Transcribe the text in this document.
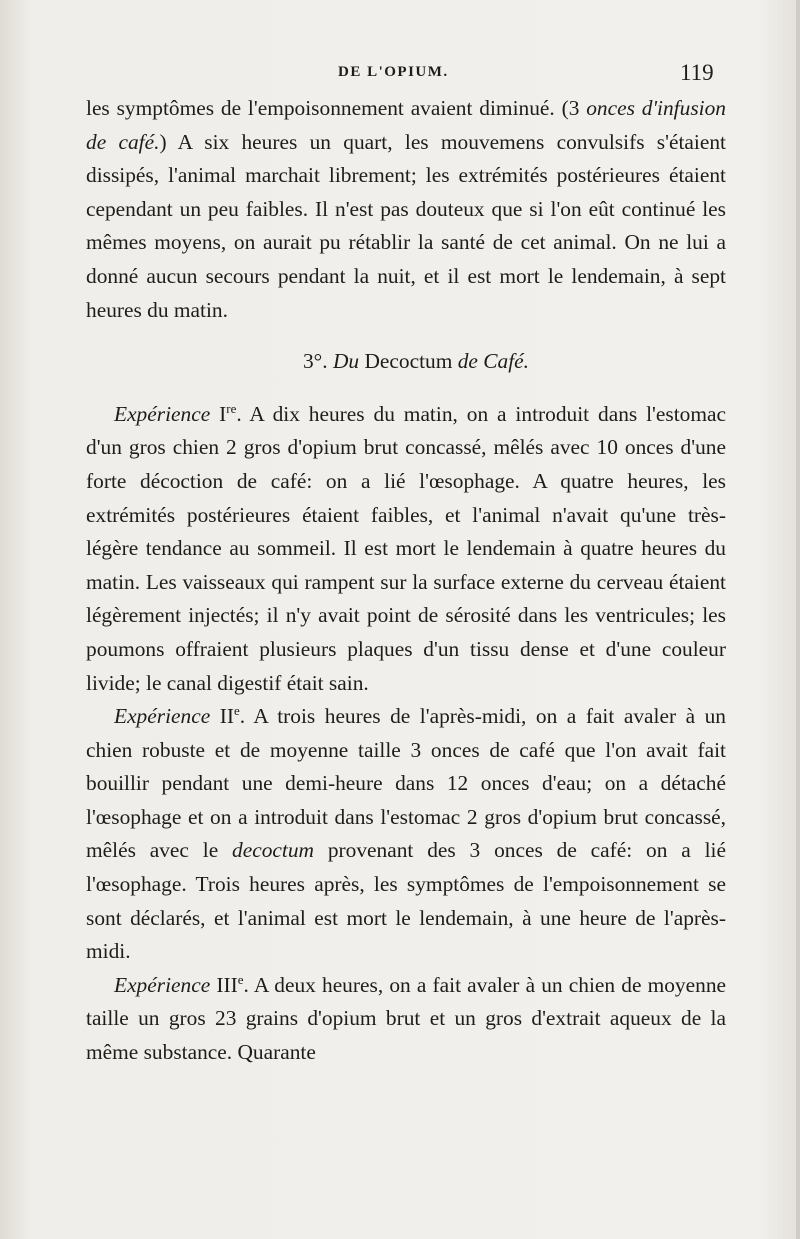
DE L'OPIUM.	119

les symptômes de l'empoisonnement avaient diminué. (3 onces d'infusion de café.) A six heures un quart, les mouvemens convulsifs s'étaient dissipés, l'animal marchait librement; les extrémités postérieures étaient cependant un peu faibles. Il n'est pas douteux que si l'on eût continué les mêmes moyens, on aurait pu rétablir la santé de cet animal. On ne lui a donné aucun secours pendant la nuit, et il est mort le lendemain, à sept heures du matin.

3°. Du Decoctum de Café.

Expérience Ire. A dix heures du matin, on a introduit dans l'estomac d'un gros chien 2 gros d'opium brut concassé, mêlés avec 10 onces d'une forte décoction de café: on a lié l'œsophage. A quatre heures, les extrémités postérieures étaient faibles, et l'animal n'avait qu'une très-légère tendance au sommeil. Il est mort le lendemain à quatre heures du matin. Les vaisseaux qui rampent sur la surface externe du cerveau étaient légèrement injectés; il n'y avait point de sérosité dans les ventricules; les poumons offraient plusieurs plaques d'un tissu dense et d'une couleur livide; le canal digestif était sain.

Expérience IIe. A trois heures de l'après-midi, on a fait avaler à un chien robuste et de moyenne taille 3 onces de café que l'on avait fait bouillir pendant une demi-heure dans 12 onces d'eau; on a détaché l'œsophage et on a introduit dans l'estomac 2 gros d'opium brut concassé, mêlés avec le decoctum provenant des 3 onces de café: on a lié l'œsophage. Trois heures après, les symptômes de l'empoisonnement se sont déclarés, et l'animal est mort le lendemain, à une heure de l'après-midi.

Expérience IIIe. A deux heures, on a fait avaler à un chien de moyenne taille un gros 23 grains d'opium brut et un gros d'extrait aqueux de la même substance. Quarante
